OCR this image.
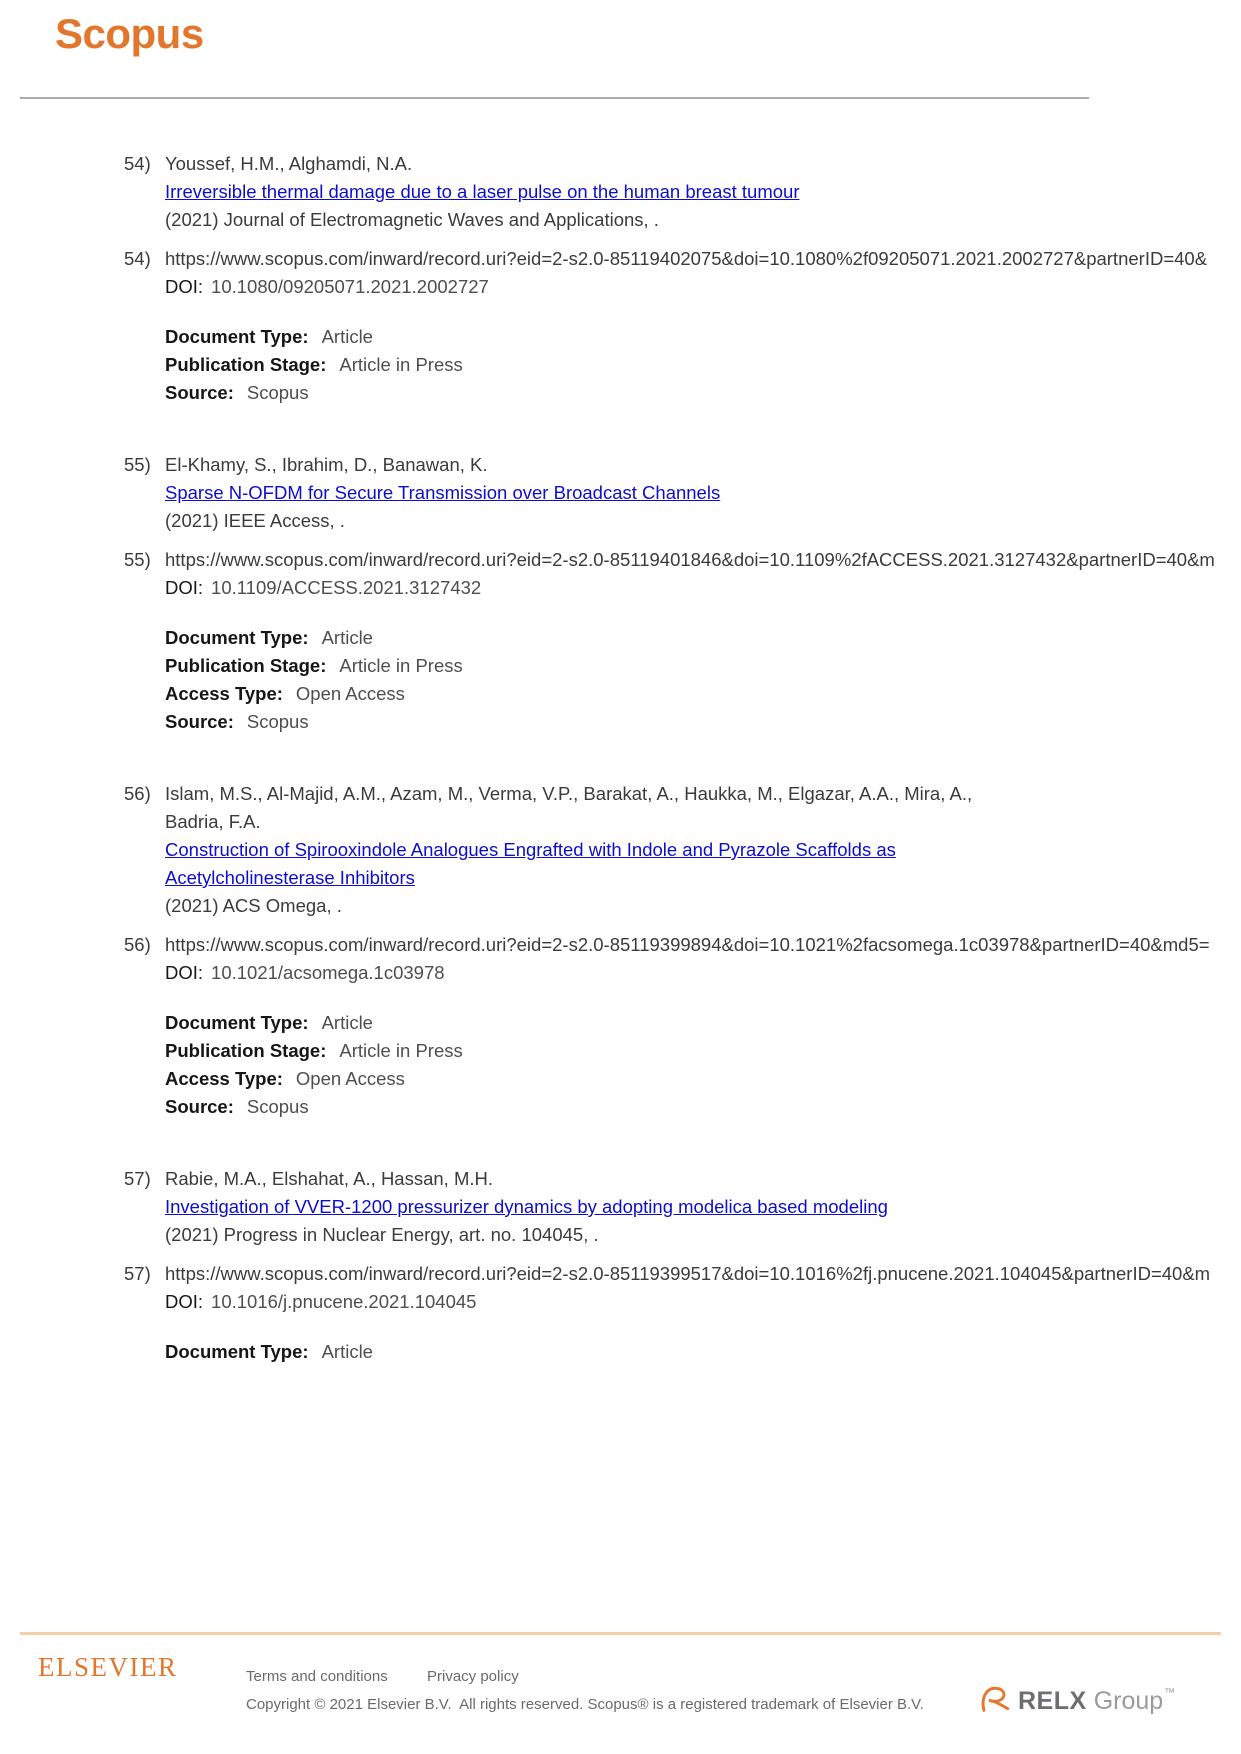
Scopus
54) Youssef, H.M., Alghamdi, N.A.
Irreversible thermal damage due to a laser pulse on the human breast tumour
(2021) Journal of Electromagnetic Waves and Applications, .
54) https://www.scopus.com/inward/record.uri?eid=2-s2.0-85119402075&doi=10.1080%2f09205071.2021.2002727&partnerID=40&
DOI: 10.1080/09205071.2021.2002727
Document Type: Article
Publication Stage: Article in Press
Source: Scopus
55) El-Khamy, S., Ibrahim, D., Banawan, K.
Sparse N-OFDM for Secure Transmission over Broadcast Channels
(2021) IEEE Access, .
55) https://www.scopus.com/inward/record.uri?eid=2-s2.0-85119401846&doi=10.1109%2fACCESS.2021.3127432&partnerID=40&m
DOI: 10.1109/ACCESS.2021.3127432
Document Type: Article
Publication Stage: Article in Press
Access Type: Open Access
Source: Scopus
56) Islam, M.S., Al-Majid, A.M., Azam, M., Verma, V.P., Barakat, A., Haukka, M., Elgazar, A.A., Mira, A., Badria, F.A.
Construction of Spirooxindole Analogues Engrafted with Indole and Pyrazole Scaffolds as Acetylcholinesterase Inhibitors
(2021) ACS Omega, .
56) https://www.scopus.com/inward/record.uri?eid=2-s2.0-85119399894&doi=10.1021%2facsomega.1c03978&partnerID=40&md5=
DOI: 10.1021/acsomega.1c03978
Document Type: Article
Publication Stage: Article in Press
Access Type: Open Access
Source: Scopus
57) Rabie, M.A., Elshahat, A., Hassan, M.H.
Investigation of VVER-1200 pressurizer dynamics by adopting modelica based modeling
(2021) Progress in Nuclear Energy, art. no. 104045, .
57) https://www.scopus.com/inward/record.uri?eid=2-s2.0-85119399517&doi=10.1016%2fj.pnucene.2021.104045&partnerID=40&m
DOI: 10.1016/j.pnucene.2021.104045
Document Type: Article
ELSEVIER	Terms and conditions	Privacy policy
Copyright © 2021 Elsevier B.V.  All rights reserved. Scopus® is a registered trademark of Elsevier B.V.	RELX Group ™
